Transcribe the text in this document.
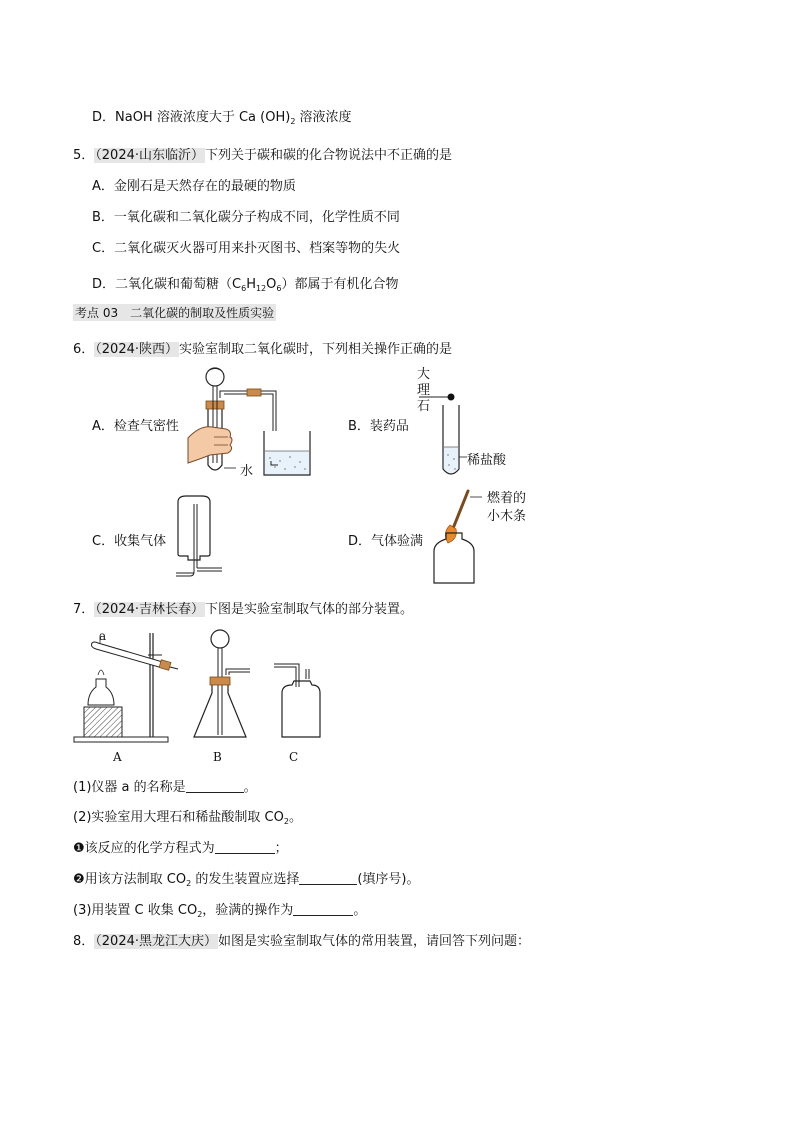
D．NaOH 溶液浓度大于 Ca $(OH)_2$ 溶液浓度
5．（2024·山东临沂）下列关于碳和碳的化合物说法中不正确的是
A．金刚石是天然存在的最硬的物质
B．一氧化碳和二氧化碳分子构成不同，化学性质不同
C．二氧化碳灭火器可用来扑灭图书、档案等物的失火
D．二氧化碳和葡萄糖$(C_6H_{12}O_6)$都属于有机化合物
考点 03　二氧化碳的制取及性质实验
6．（2024·陕西）实验室制取二氧化碳时，下列相关操作正确的是
A．检查气密性	B．装药品
C．收集气体	D．气体验满
水
大
理
石
稀盐酸
燃着的
小木条
7．（2024·吉林长春）下图是实验室制取气体的部分装置。
a
A	B	C
(1)仪器 a 的名称是	。
(2)实验室用大理石和稀盐酸制取 $CO_2$。
❶该反应的化学方程式为	；
❷用该方法制取 $CO_2$ 的发生装置应选择	(填序号)。
(3)用装置 C 收集 $CO_2$，验满的操作为	。
8．（2024·黑龙江大庆）如图是实验室制取气体的常用装置，请回答下列问题：
